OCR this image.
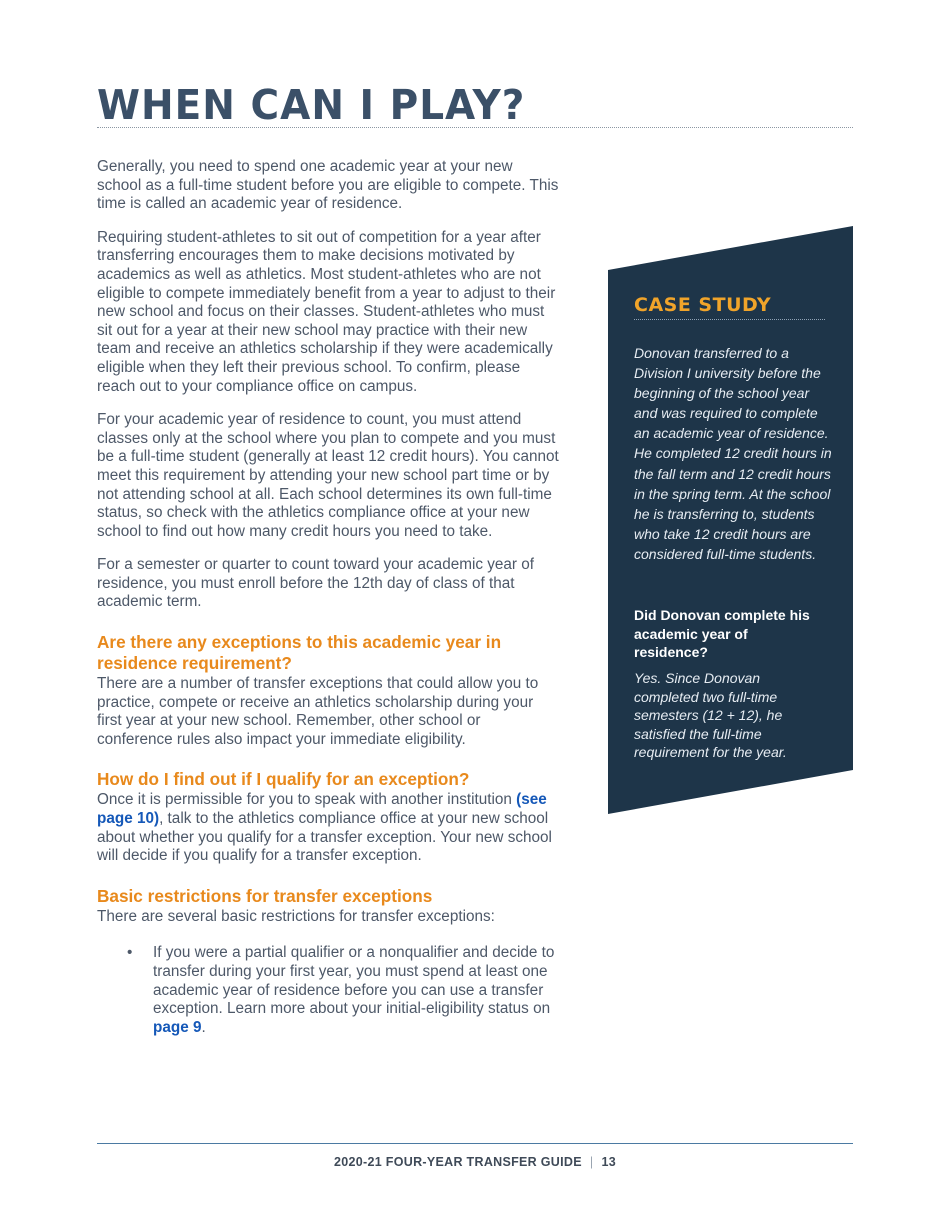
WHEN CAN I PLAY?

Generally, you need to spend one academic year at your new school as a full-time student before you are eligible to compete. This time is called an academic year of residence.

Requiring student-athletes to sit out of competition for a year after transferring encourages them to make decisions motivated by academics as well as athletics. Most student-athletes who are not eligible to compete immediately benefit from a year to adjust to their new school and focus on their classes. Student-athletes who must sit out for a year at their new school may practice with their new team and receive an athletics scholarship if they were academically eligible when they left their previous school. To confirm, please reach out to your compliance office on campus.

For your academic year of residence to count, you must attend classes only at the school where you plan to compete and you must be a full-time student (generally at least 12 credit hours). You cannot meet this requirement by attending your new school part time or by not attending school at all. Each school determines its own full-time status, so check with the athletics compliance office at your new school to find out how many credit hours you need to take.

For a semester or quarter to count toward your academic year of residence, you must enroll before the 12th day of class of that academic term.

Are there any exceptions to this academic year in residence requirement?

There are a number of transfer exceptions that could allow you to practice, compete or receive an athletics scholarship during your first year at your new school. Remember, other school or conference rules also impact your immediate eligibility.

How do I find out if I qualify for an exception?

Once it is permissible for you to speak with another institution (see page 10), talk to the athletics compliance office at your new school about whether you qualify for a transfer exception. Your new school will decide if you qualify for a transfer exception.

Basic restrictions for transfer exceptions

There are several basic restrictions for transfer exceptions:

• If you were a partial qualifier or a nonqualifier and decide to transfer during your first year, you must spend at least one academic year of residence before you can use a transfer exception. Learn more about your initial-eligibility status on page 9.
CASE STUDY

Donovan transferred to a Division I university before the beginning of the school year and was required to complete an academic year of residence. He completed 12 credit hours in the fall term and 12 credit hours in the spring term. At the school he is transferring to, students who take 12 credit hours are considered full-time students.

Did Donovan complete his academic year of residence?

Yes. Since Donovan completed two full-time semesters (12 + 12), he satisfied the full-time requirement for the year.

2020-21 FOUR-YEAR TRANSFER GUIDE | 13
